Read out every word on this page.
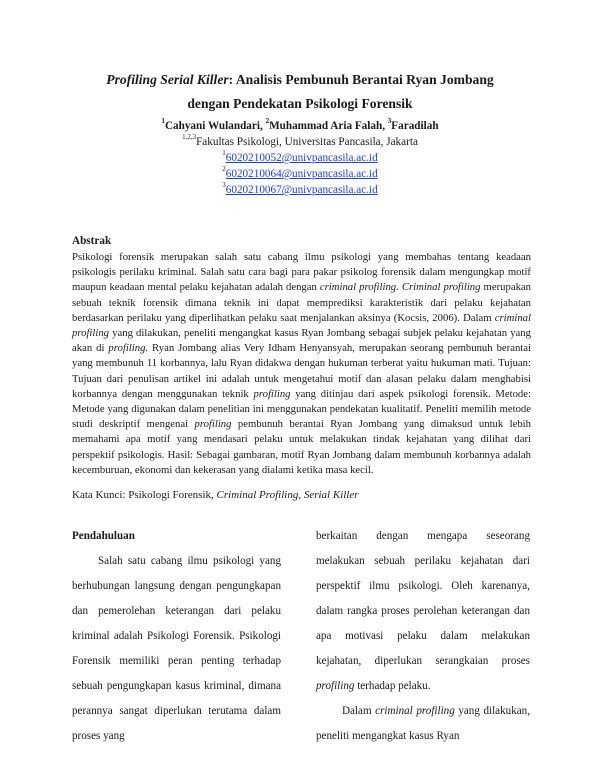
Profiling Serial Killer: Analisis Pembunuh Berantai Ryan Jombang
dengan Pendekatan Psikologi Forensik
$^1$Cahyani Wulandari, $^2$Muhammad Aria Falah, $^3$Faradilah
$^{1,2,3}$Fakultas Psikologi, Universitas Pancasila, Jakarta
$^1$6020210052@univpancasila.ac.id
$^2$6020210064@univpancasila.ac.id
$^3$6020210067@univpancasila.ac.id
Abstrak
Psikologi forensik merupakan salah satu cabang ilmu psikologi yang membahas tentang keadaan psikologis perilaku kriminal. Salah satu cara bagi para pakar psikolog forensik dalam mengungkap motif maupun keadaan mental pelaku kejahatan adalah dengan criminal profiling. Criminal profiling merupakan sebuah teknik forensik dimana teknik ini dapat memprediksi karakteristik dari pelaku kejahatan berdasarkan perilaku yang diperlihatkan pelaku saat menjalankan aksinya (Kocsis, 2006). Dalam criminal profiling yang dilakukan, peneliti mengangkat kasus Ryan Jombang sebagai subjek pelaku kejahatan yang akan di profiling. Ryan Jombang alias Very Idham Henyansyah, merupakan seorang pembunuh berantai yang membunuh 11 korbannya, lalu Ryan didakwa dengan hukuman terberat yaitu hukuman mati. Tujuan: Tujuan dari penulisan artikel ini adalah untuk mengetahui motif dan alasan pelaku dalam menghabisi korbannya dengan menggunakan teknik profiling yang ditinjau dari aspek psikologi forensik. Metode: Metode yang digunakan dalam penelitian ini menggunakan pendekatan kualitatif. Peneliti memilih metode studi deskriptif mengenai profiling pembunuh berantai Ryan Jombang yang dimaksud untuk lebih memahami apa motif yang mendasari pelaku untuk melakukan tindak kejahatan yang dilihat dari perspektif psikologis. Hasil: Sebagai gambaran, motif Ryan Jombang dalam membunuh korbannya adalah kecemburuan, ekonomi dan kekerasan yang dialami ketika masa kecil.
Kata Kunci: Psikologi Forensik, Criminal Profiling, Serial Killer
Pendahuluan

Salah satu cabang ilmu psikologi yang berhubungan langsung dengan pengungkapan dan pemerolehan keterangan dari pelaku kriminal adalah Psikologi Forensik. Psikologi Forensik memiliki peran penting terhadap sebuah pengungkapan kasus kriminal, dimana perannya sangat diperlukan terutama dalam proses yang

berkaitan dengan mengapa seseorang melakukan sebuah perilaku kejahatan dari perspektif ilmu psikologi. Oleh karenanya, dalam rangka proses perolehan keterangan dan apa motivasi pelaku dalam melakukan kejahatan, diperlukan serangkaian proses profiling terhadap pelaku.

Dalam criminal profiling yang dilakukan, peneliti mengangkat kasus Ryan
